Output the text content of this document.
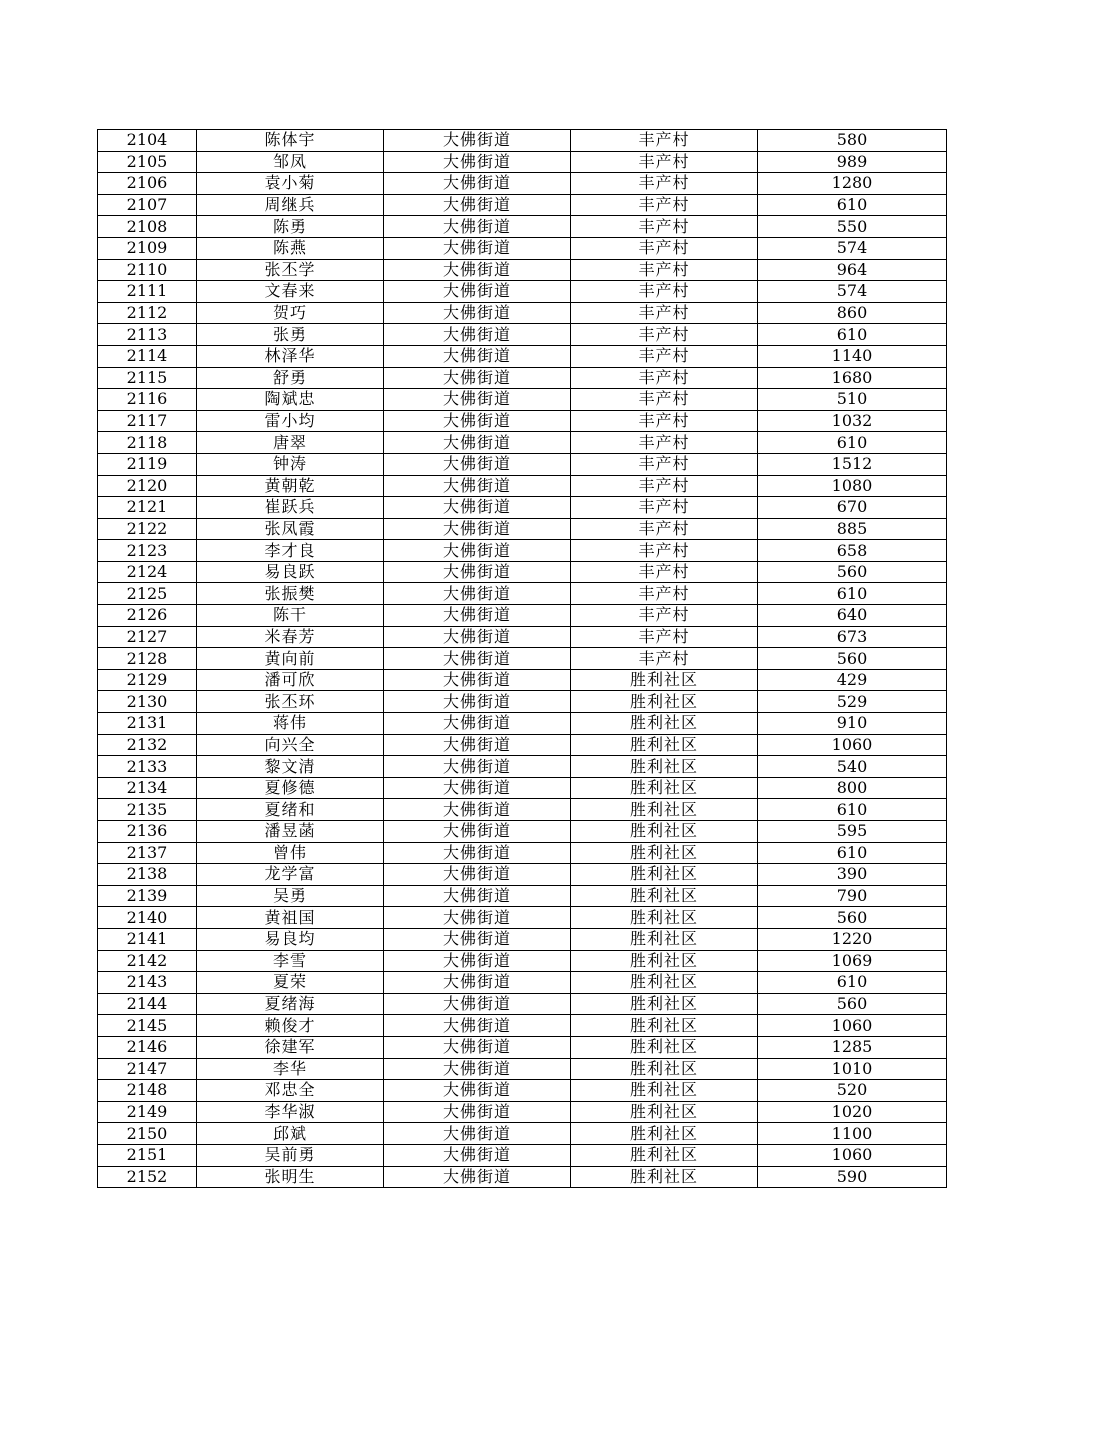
2104	陈体宇	大佛街道	丰产村	580
2105	邹凤	大佛街道	丰产村	989
2106	袁小菊	大佛街道	丰产村	1280
2107	周继兵	大佛街道	丰产村	610
2108	陈勇	大佛街道	丰产村	550
2109	陈燕	大佛街道	丰产村	574
2110	张丕学	大佛街道	丰产村	964
2111	文春来	大佛街道	丰产村	574
2112	贺巧	大佛街道	丰产村	860
2113	张勇	大佛街道	丰产村	610
2114	林泽华	大佛街道	丰产村	1140
2115	舒勇	大佛街道	丰产村	1680
2116	陶斌忠	大佛街道	丰产村	510
2117	雷小均	大佛街道	丰产村	1032
2118	唐翠	大佛街道	丰产村	610
2119	钟涛	大佛街道	丰产村	1512
2120	黄朝乾	大佛街道	丰产村	1080
2121	崔跃兵	大佛街道	丰产村	670
2122	张凤霞	大佛街道	丰产村	885
2123	李才良	大佛街道	丰产村	658
2124	易良跃	大佛街道	丰产村	560
2125	张振樊	大佛街道	丰产村	610
2126	陈干	大佛街道	丰产村	640
2127	米春芳	大佛街道	丰产村	673
2128	黄向前	大佛街道	丰产村	560
2129	潘可欣	大佛街道	胜利社区	429
2130	张丕环	大佛街道	胜利社区	529
2131	蒋伟	大佛街道	胜利社区	910
2132	向兴全	大佛街道	胜利社区	1060
2133	黎文清	大佛街道	胜利社区	540
2134	夏修德	大佛街道	胜利社区	800
2135	夏绪和	大佛街道	胜利社区	610
2136	潘昱菡	大佛街道	胜利社区	595
2137	曾伟	大佛街道	胜利社区	610
2138	龙学富	大佛街道	胜利社区	390
2139	吴勇	大佛街道	胜利社区	790
2140	黄祖国	大佛街道	胜利社区	560
2141	易良均	大佛街道	胜利社区	1220
2142	李雪	大佛街道	胜利社区	1069
2143	夏荣	大佛街道	胜利社区	610
2144	夏绪海	大佛街道	胜利社区	560
2145	赖俊才	大佛街道	胜利社区	1060
2146	徐建军	大佛街道	胜利社区	1285
2147	李华	大佛街道	胜利社区	1010
2148	邓忠全	大佛街道	胜利社区	520
2149	李华淑	大佛街道	胜利社区	1020
2150	邱斌	大佛街道	胜利社区	1100
2151	吴前勇	大佛街道	胜利社区	1060
2152	张明生	大佛街道	胜利社区	590
